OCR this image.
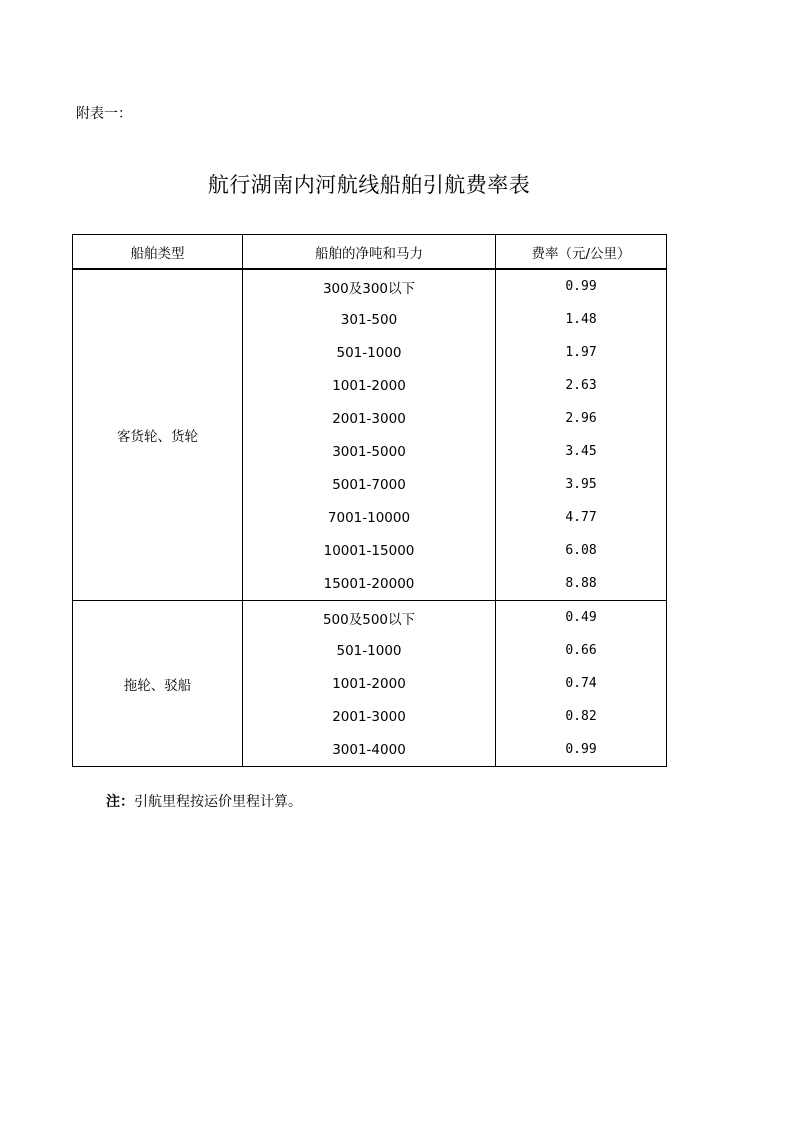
附表一：
航行湖南内河航线船舶引航费率表
船舶类型	船舶的净吨和马力	费率（元/公里）
客货轮、货轮	300及300以下	0.99
	301-500	1.48
	501-1000	1.97
	1001-2000	2.63
	2001-3000	2.96
	3001-5000	3.45
	5001-7000	3.95
	7001-10000	4.77
	10001-15000	6.08
	15001-20000	8.88
拖轮、驳船	500及500以下	0.49
	501-1000	0.66
	1001-2000	0.74
	2001-3000	0.82
	3001-4000	0.99
注：引航里程按运价里程计算。
